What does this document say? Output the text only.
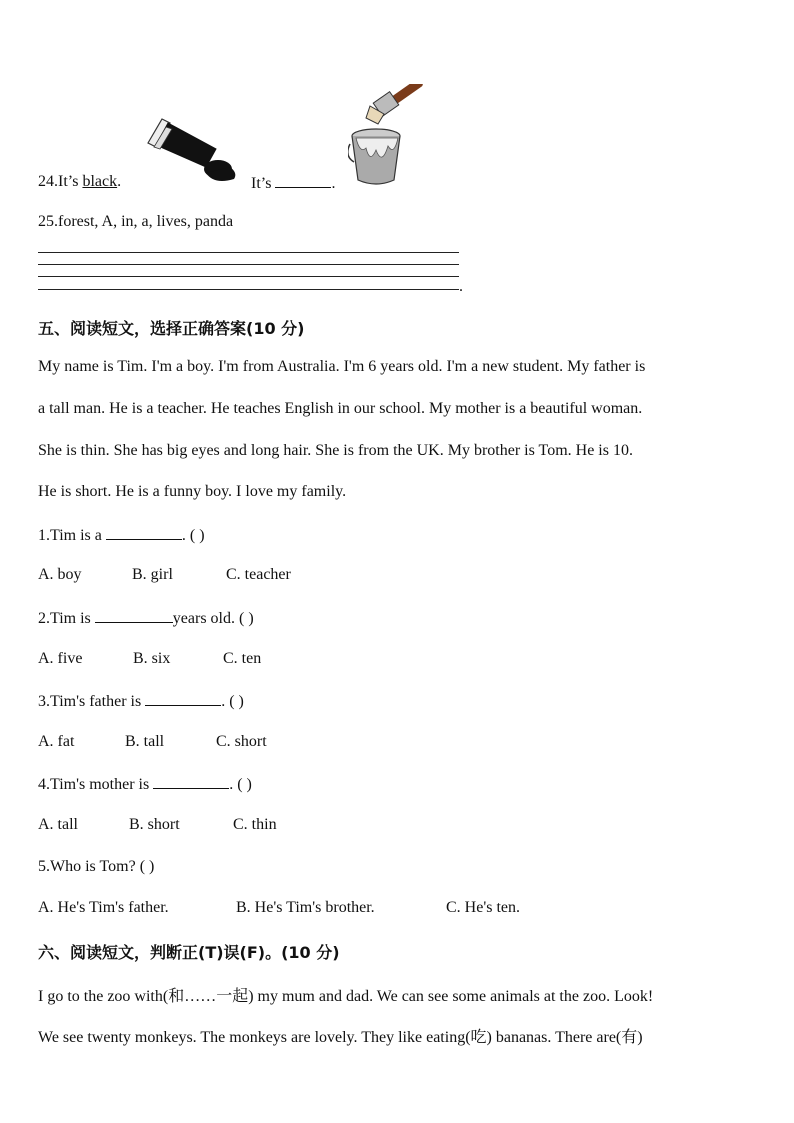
24.It’s black.	It’s	.
25.forest, A, in, a, lives, panda
.
五、阅读短文，选择正确答案(10 分)
My name is Tim. I'm a boy. I'm from Australia. I'm 6 years old. I'm a new student. My father is
a tall man. He is a teacher. He teaches English in our school. My mother is a beautiful woman.
She is thin. She has big eyes and long hair. She is from the UK. My brother is Tom. He is 10.
He is short. He is a funny boy. I love my family.
1.Tim is a	. ( )
A. boy	B. girl	C. teacher
2.Tim is	years old. ( )
A. five	B. six	C. ten
3.Tim's father is	. ( )
A. fat	B. tall	C. short
4.Tim's mother is	. ( )
A. tall	B. short	C. thin
5.Who is Tom? ( )
A. He's Tim's father.	B. He's Tim's brother.	C. He's ten.
六、阅读短文，判断正(T)误(F)。(10 分)
I go to the zoo with(和……一起) my mum and dad. We can see some animals at the zoo. Look!
We see twenty monkeys. The monkeys are lovely. They like eating(吃) bananas. There are(有)
